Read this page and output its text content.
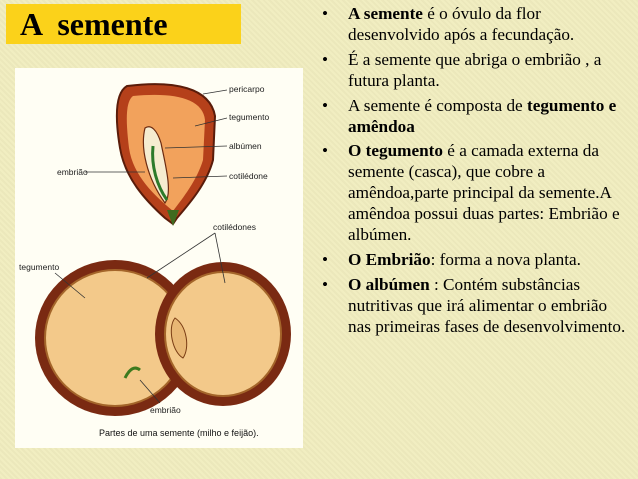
A  semente
pericarpo
tegumento
albúmen
embrião	cotilédone
cotilédones
tegumento
embrião
Partes de uma semente (milho e feijão).
• A semente é o óvulo da flor desenvolvido após a fecundação.
• É a semente que abriga o embrião , a futura planta.
• A semente é composta de tegumento e amêndoa
• O tegumento é a camada externa da semente (casca), que cobre a amêndoa,parte principal da semente.A amêndoa possui duas partes: Embrião e albúmen.
• O Embrião: forma a nova planta.
• O albúmen : Contém substâncias nutritivas que irá alimentar o embrião nas primeiras fases de desenvolvimento.
